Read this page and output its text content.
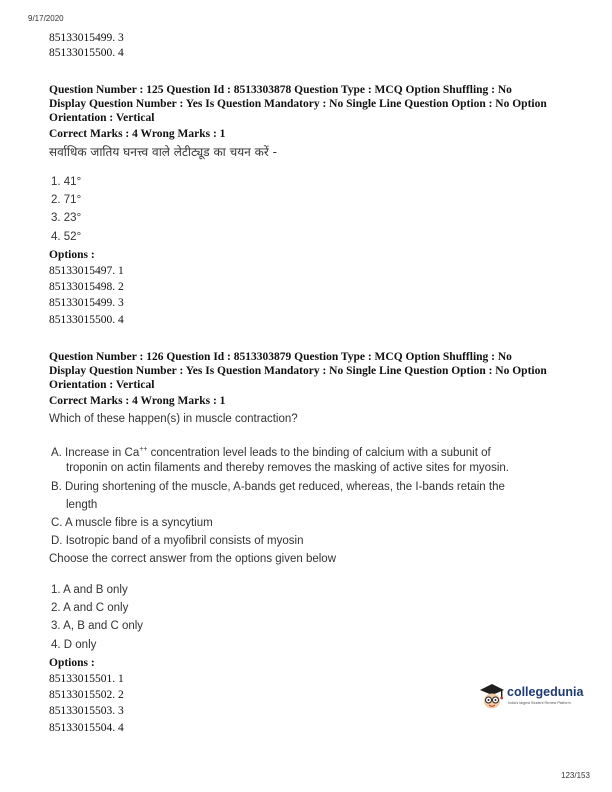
9/17/2020
85133015499. 3
85133015500. 4
Question Number : 125 Question Id : 8513303878 Question Type : MCQ Option Shuffling : No
Display Question Number : Yes Is Question Mandatory : No Single Line Question Option : No Option
Orientation : Vertical
Correct Marks : 4 Wrong Marks : 1
सर्वाधिक जातिय घनत्त्व वाले लेटीट्यूड का चयन करें -
1. 41°
2. 71°
3. 23°
4. 52°
Options :
85133015497. 1
85133015498. 2
85133015499. 3
85133015500. 4
Question Number : 126 Question Id : 8513303879 Question Type : MCQ Option Shuffling : No
Display Question Number : Yes Is Question Mandatory : No Single Line Question Option : No Option
Orientation : Vertical
Correct Marks : 4 Wrong Marks : 1
Which of these happen(s) in muscle contraction?
A. Increase in Ca++ concentration level leads to the binding of calcium with a subunit of
troponin on actin filaments and thereby removes the masking of active sites for myosin.
B. During shortening of the muscle, A-bands get reduced, whereas, the I-bands retain the
length
C. A muscle fibre is a syncytium
D. Isotropic band of a myofibril consists of myosin
Choose the correct answer from the options given below
1. A and B only
2. A and C only
3. A, B and C only
4. D only
Options :
85133015501. 1
85133015502. 2
85133015503. 3
85133015504. 4
collegedunia
India's largest Student Review Platform
123/153
